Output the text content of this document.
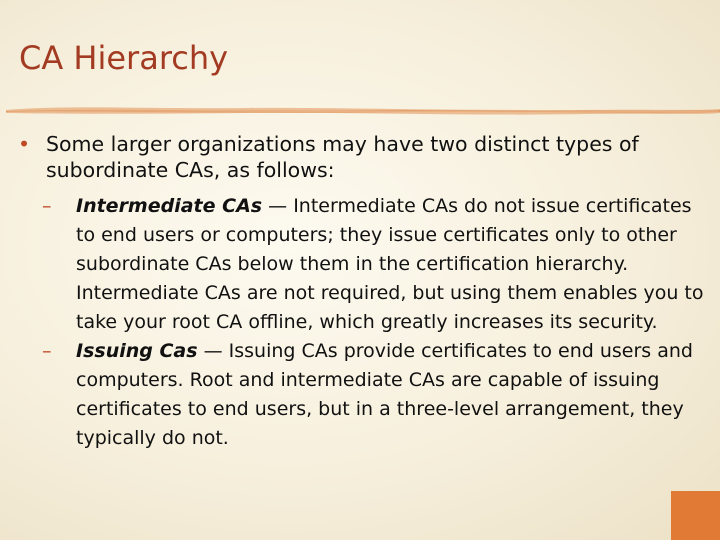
CA Hierarchy
• Some larger organizations may have two distinct types of subordinate CAs, as follows:
– Intermediate CAs — Intermediate CAs do not issue certificates to end users or computers; they issue certificates only to other subordinate CAs below them in the certification hierarchy. Intermediate CAs are not required, but using them enables you to take your root CA offline, which greatly increases its security.
– Issuing Cas — Issuing CAs provide certificates to end users and computers. Root and intermediate CAs are capable of issuing certificates to end users, but in a three-level arrangement, they typically do not.
